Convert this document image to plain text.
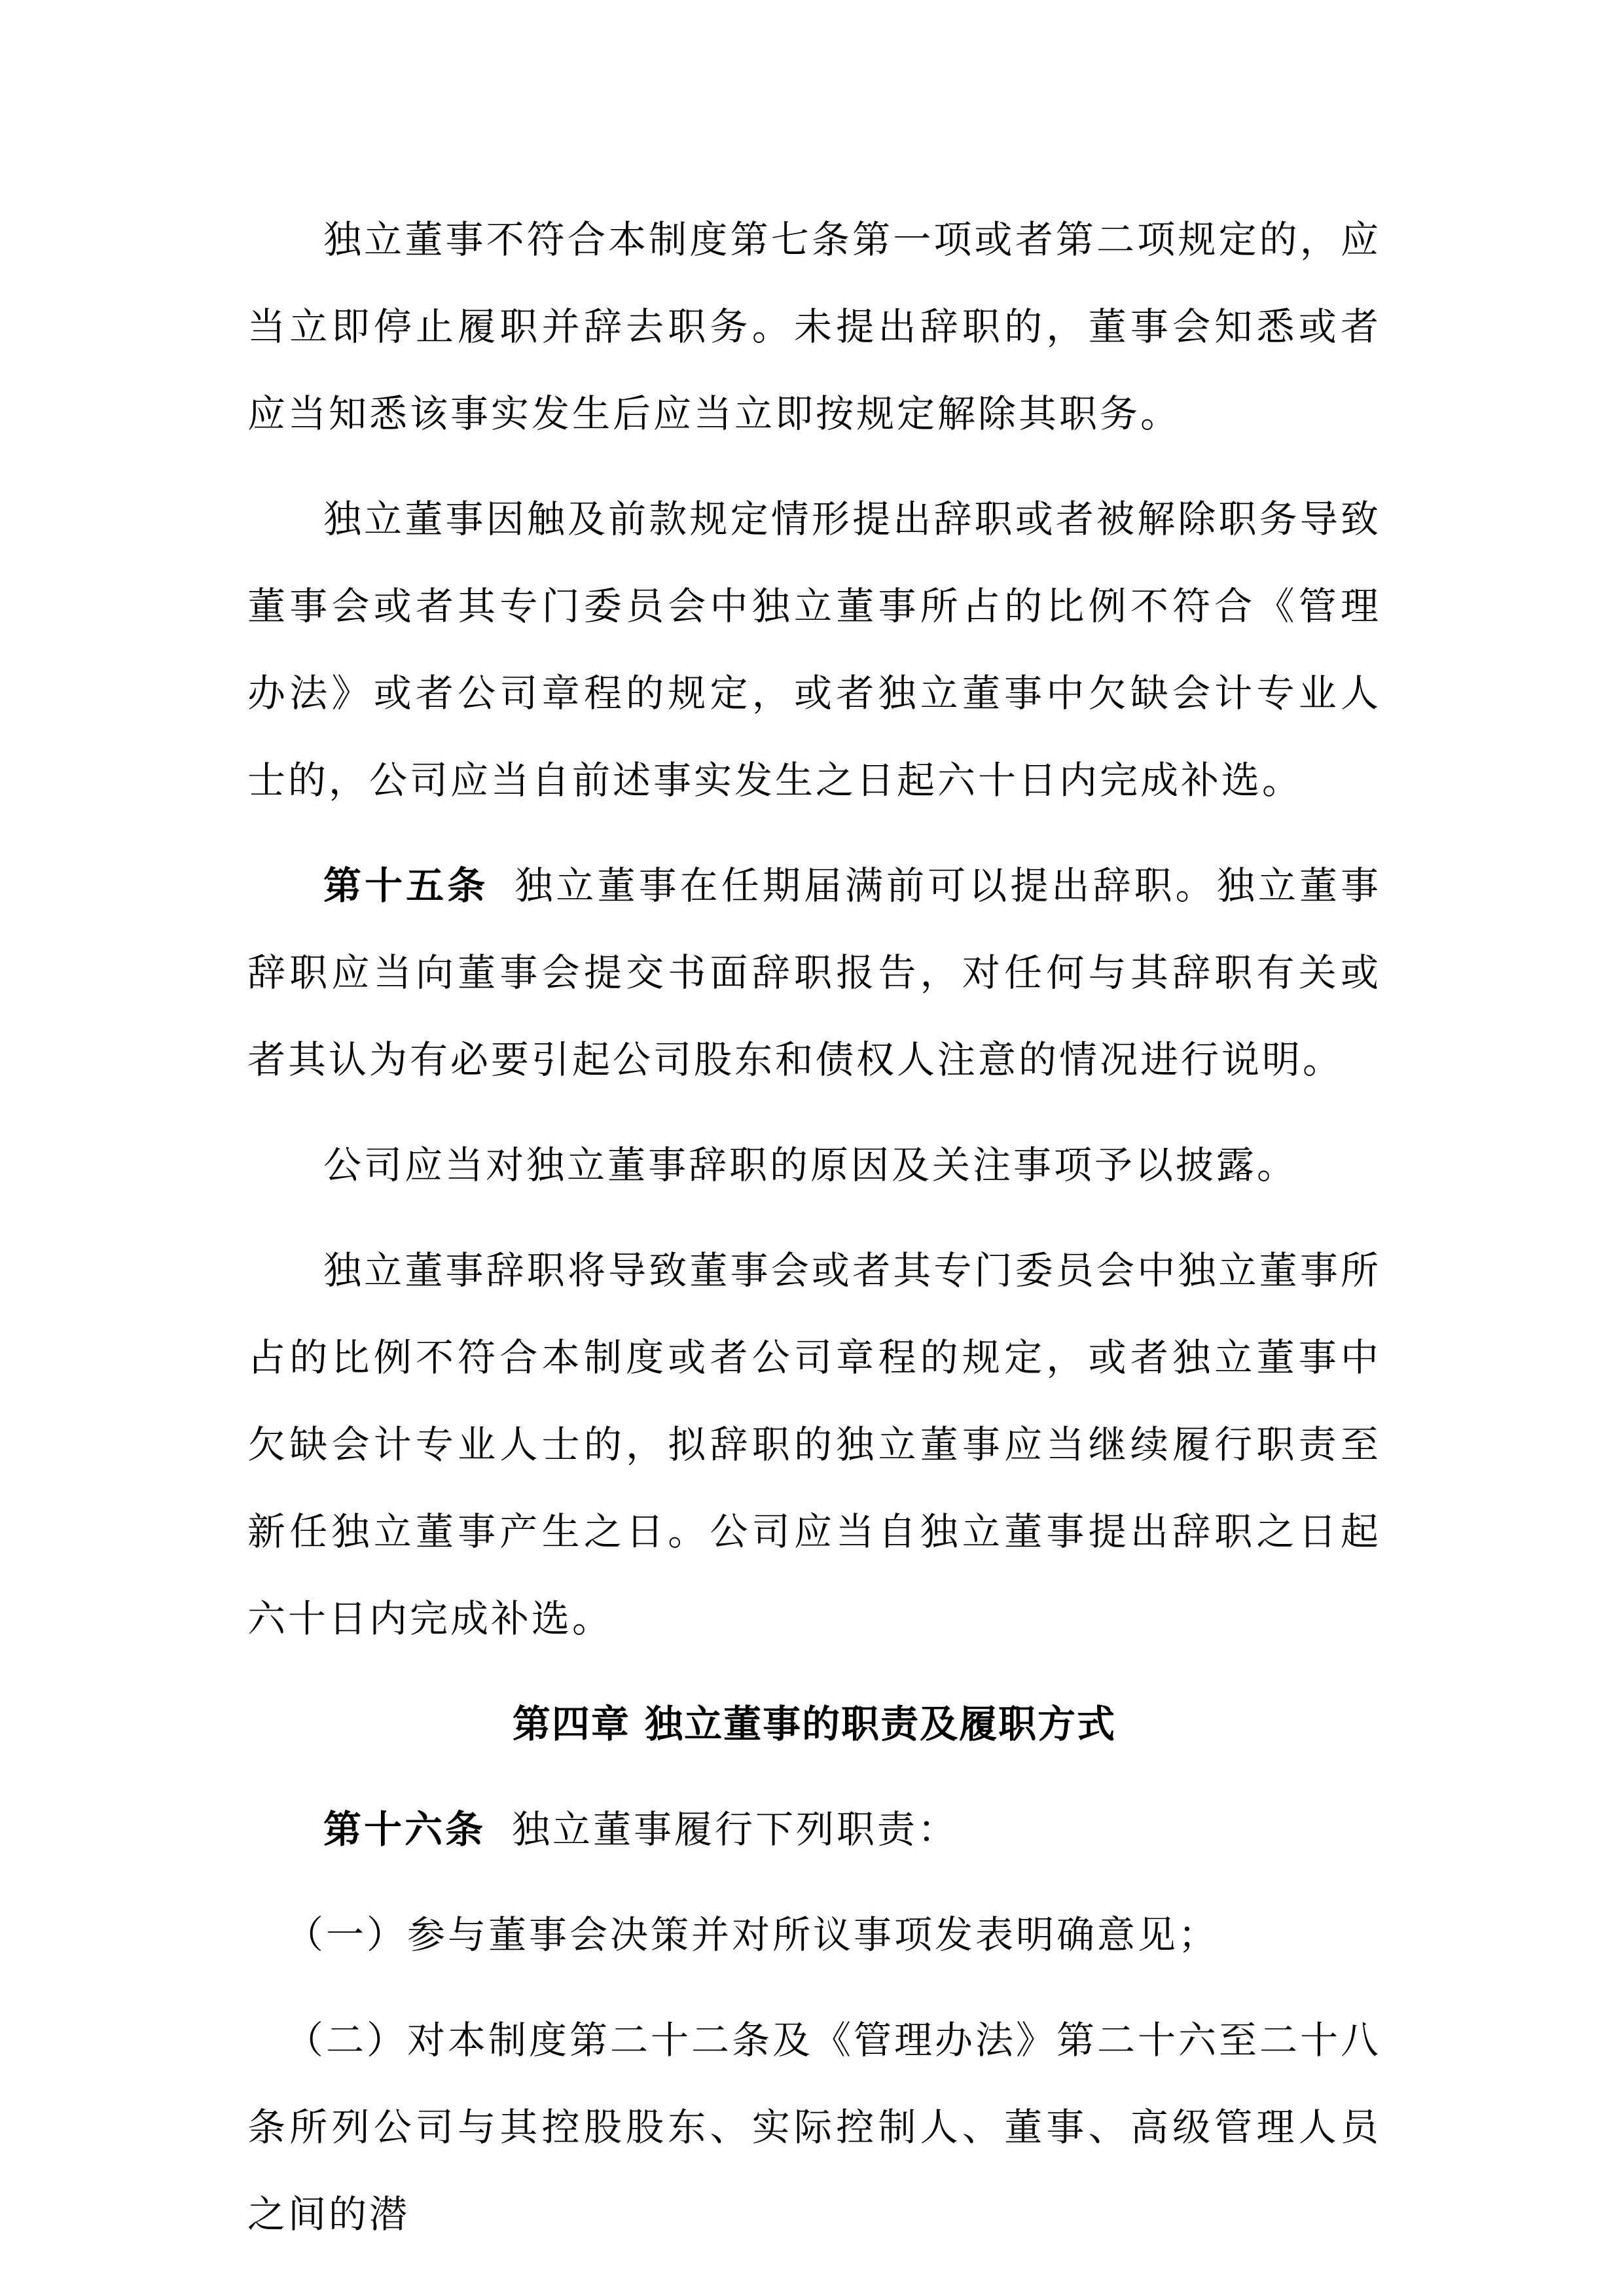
独立董事不符合本制度第七条第一项或者第二项规定的，应当立即停止履职并辞去职务。未提出辞职的，董事会知悉或者应当知悉该事实发生后应当立即按规定解除其职务。

独立董事因触及前款规定情形提出辞职或者被解除职务导致董事会或者其专门委员会中独立董事所占的比例不符合《管理办法》或者公司章程的规定，或者独立董事中欠缺会计专业人士的，公司应当自前述事实发生之日起六十日内完成补选。

第十五条 独立董事在任期届满前可以提出辞职。独立董事辞职应当向董事会提交书面辞职报告，对任何与其辞职有关或者其认为有必要引起公司股东和债权人注意的情况进行说明。

公司应当对独立董事辞职的原因及关注事项予以披露。

独立董事辞职将导致董事会或者其专门委员会中独立董事所占的比例不符合本制度或者公司章程的规定，或者独立董事中欠缺会计专业人士的，拟辞职的独立董事应当继续履行职责至新任独立董事产生之日。公司应当自独立董事提出辞职之日起六十日内完成补选。

第四章 独立董事的职责及履职方式

第十六条 独立董事履行下列职责：

（一）参与董事会决策并对所议事项发表明确意见；

（二）对本制度第二十二条及《管理办法》第二十六至二十八条所列公司与其控股股东、实际控制人、董事、高级管理人员之间的潜
